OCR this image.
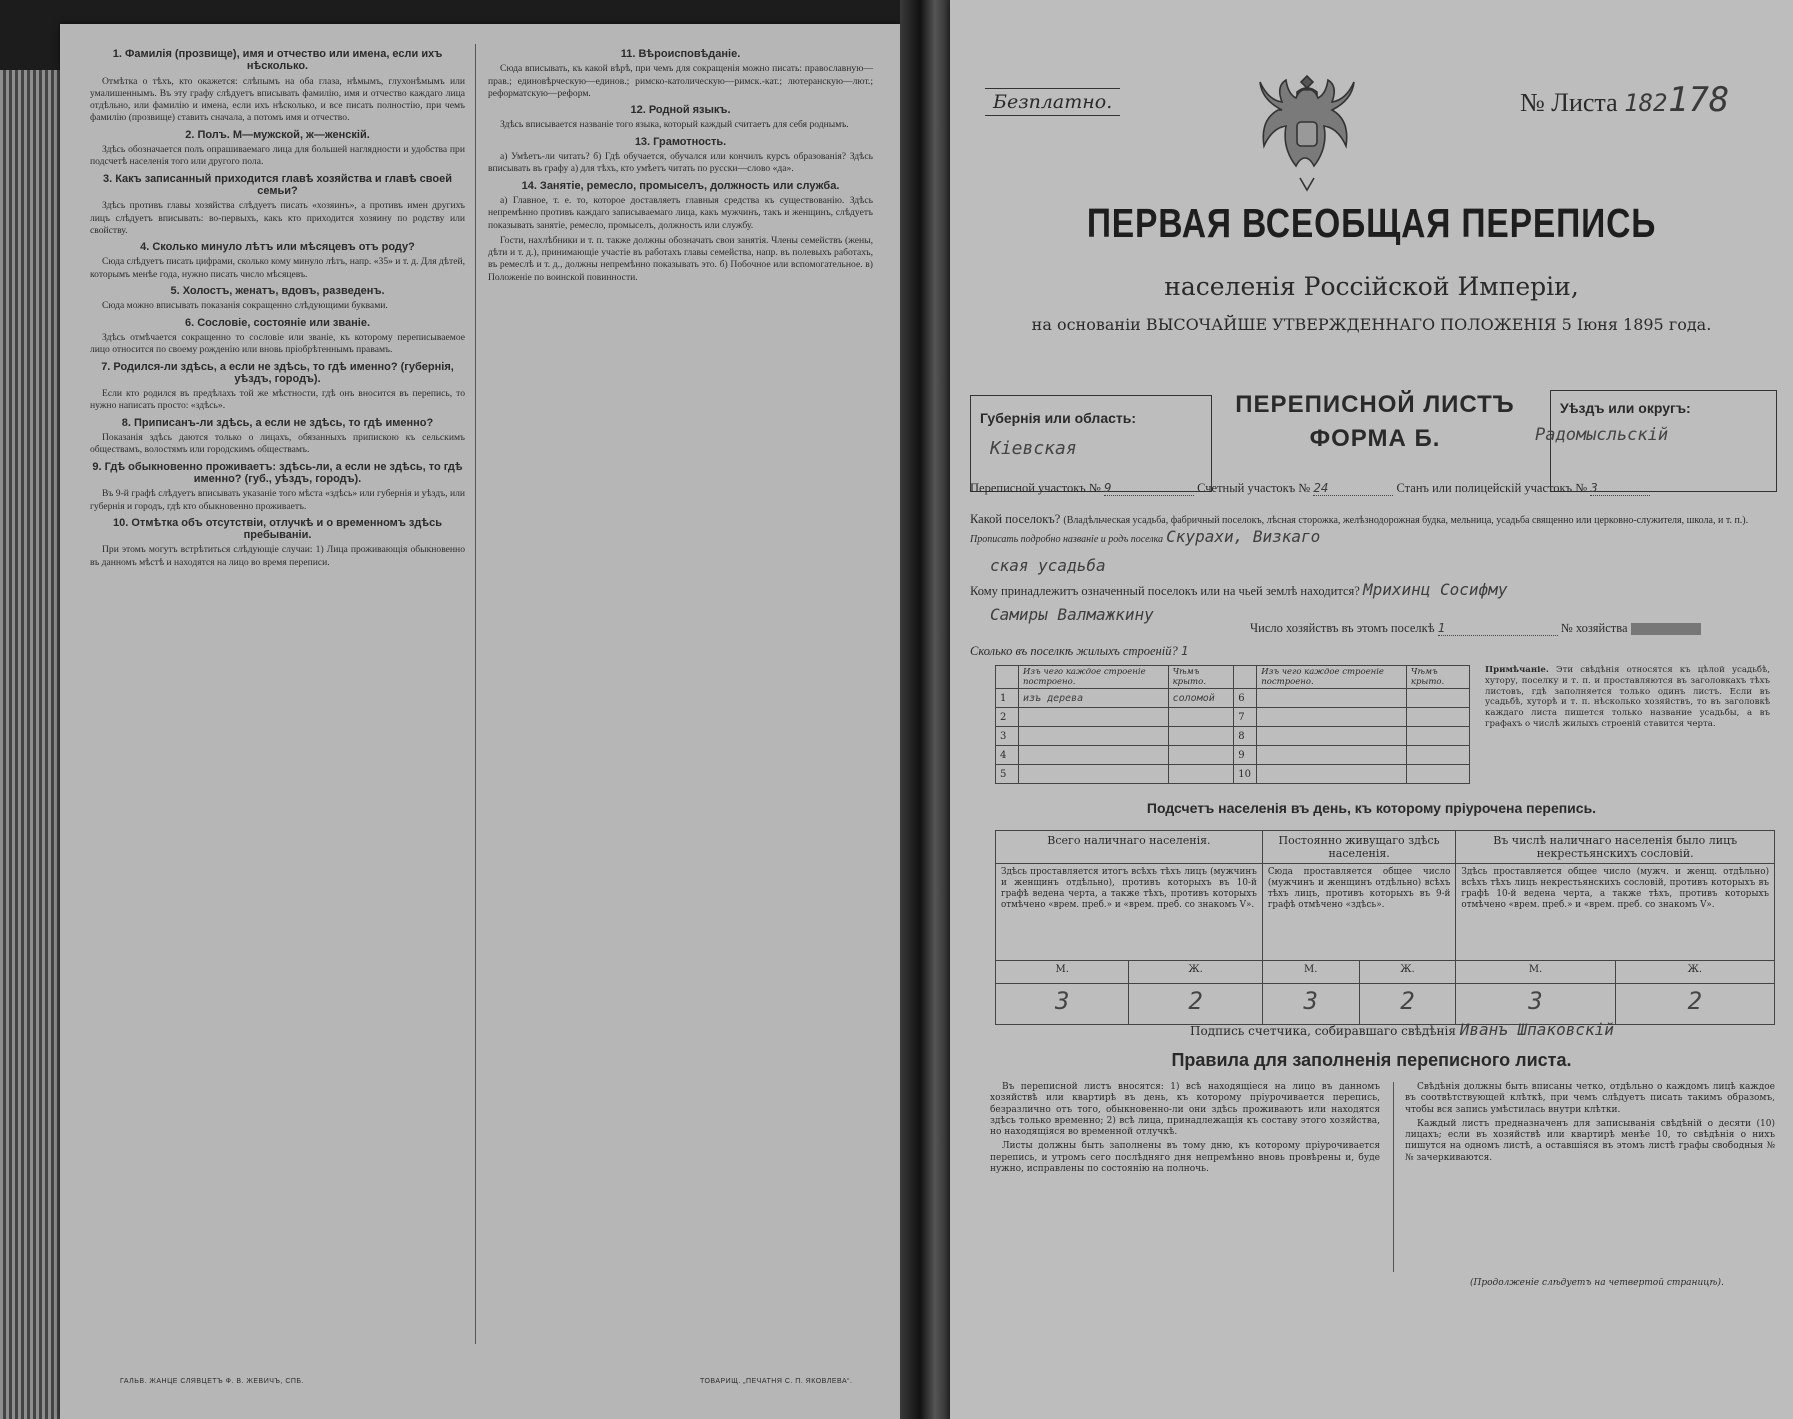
1. Фамилія (прозвище), имя и отчество или имена, если ихъ нѣсколько.

Отмѣтка о тѣхъ, кто окажется: слѣпымъ на оба глаза, нѣмымъ, глухонѣмымъ или умалишеннымъ. Въ эту графу слѣдуетъ вписывать фамилію, имя и отчество каждаго лица отдѣльно, или фамилію и имена, если ихъ нѣсколько, и все писать полностію, при чемъ фамилію (прозвище) ставить сначала, а потомъ имя и отчество.

2. Полъ. М—мужской, ж—женскій.

Здѣсь обозначается полъ опрашиваемаго лица для большей наглядности и удобства при подсчетѣ населенія того или другого пола.

3. Какъ записанный приходится главѣ хозяйства и главѣ своей семьи?

Здѣсь противъ главы хозяйства слѣдуетъ писать «хозяинъ», а противъ имен другихъ лицъ слѣдуетъ вписывать: во-первыхъ, какъ кто приходится хозяину по родству или свойству.

4. Сколько минуло лѣтъ или мѣсяцевъ отъ роду?

Сюда слѣдуетъ писать цифрами, сколько кому минуло лѣтъ, напр. «35» и т. д. Для дѣтей, которымъ менѣе года, нужно писать число мѣсяцевъ.

5. Холостъ, женатъ, вдовъ, разведенъ.

Сюда можно вписывать показанія сокращенно слѣдующими буквами.

6. Сословіе, состояніе или званіе.

Здѣсь отмѣчается сокращенно то сословіе или званіе, къ которому переписываемое лицо относится по своему рожденію или вновь пріобрѣтеннымъ правамъ.

7. Родился-ли здѣсь, а если не здѣсь, то гдѣ именно? (губернія, уѣздъ, городъ).

Если кто родился въ предѣлахъ той же мѣстности, гдѣ онъ вносится въ перепись, то нужно написать просто: «здѣсь».

8. Приписанъ-ли здѣсь, а если не здѣсь, то гдѣ именно?

Показанія здѣсь даются только о лицахъ, обязанныхъ припискою къ сельскимъ обществамъ, волостямъ или городскимъ обществамъ.

9. Гдѣ обыкновенно проживаетъ: здѣсь-ли, а если не здѣсь, то гдѣ именно? (губ., уѣздъ, городъ).

Въ 9-й графѣ слѣдуетъ вписывать указаніе того мѣста «здѣсь» или губернія и уѣздъ, или губернія и городъ, гдѣ кто обыкновенно проживаетъ.

10. Отмѣтка объ отсутствіи, отлучкѣ и о временномъ здѣсь пребываніи.

При этомъ могутъ встрѣтиться слѣдующіе случаи: 1) Лица проживающія обыкновенно въ данномъ мѣстѣ и находятся на лицо во время переписи.

11. Вѣроисповѣданіе.

Сюда вписывать, къ какой вѣрѣ, при чемъ для сокращенія можно писать: православную—прав.; единовѣрческую—единов.; римско-католическую—римск.-кат.; лютеранскую—лют.; реформатскую—реформ.

12. Родной языкъ.

Здѣсь вписывается названіе того языка, который каждый считаетъ для себя роднымъ.

13. Грамотность.

а) Умѣетъ-ли читать? б) Гдѣ обучается, обучался или кончилъ курсъ образованія? Здѣсь вписывать въ графу а) для тѣхъ, кто умѣетъ читать по русски—слово «да».

14. Занятіе, ремесло, промыселъ, должность или служба.

а) Главное, т. е. то, которое доставляетъ главныя средства къ существованію. Здѣсь непремѣнно противъ каждаго записываемаго лица, какъ мужчинъ, такъ и женщинъ, слѣдуетъ показывать занятіе, ремесло, промыселъ, должность или службу.

Гости, нахлѣбники и т. п. также должны обозначать свои занятія. Члены семействъ (жены, дѣти и т. д.), принимающіе участіе въ работахъ главы семейства, напр. въ полевыхъ работахъ, въ ремеслѣ и т. д., должны непремѣнно показывать это. б) Побочное или вспомогательное. в) Положеніе по воинской повинности.

ГАЛЬВ. ЖАНЦЕ СЛЯВЦЕТЪ Ф. В. ЖЕВИЧЪ, СПБ.	ТОВАРИЩ. „ПЕЧАТНЯ С. П. ЯКОВЛЕВА“.
Безплатно.	№ Листа 182 178
ПЕРВАЯ ВСЕОБЩАЯ ПЕРЕПИСЬ
населенія Россійской Имперіи,
на основаніи ВЫСОЧАЙШЕ УТВЕРЖДЕННАГО ПОЛОЖЕНІЯ 5 Іюня 1895 года.
Губернія или область:
Кіевская
ПЕРЕПИСНОЙ ЛИСТЪ
ФОРМА Б.
Уѣздъ или округъ:
Радомысльскій
Переписной участокъ № 9	Счетный участокъ № 24	Станъ или полицейскій участокъ № 3
Какой поселокъ? (Владѣльческая усадьба, фабричный поселокъ, лѣсная сторожка, желѣзнодорожная будка, мельница, усадьба священно или церковно-служителя, школа, и т. п.). Прописать подробно названіе и родъ поселка Скурахи, Визкаго
ская усадьба
Кому принадлежитъ означенный поселокъ или на чьей землѣ находится? Мрихинц Сосифму
Самиры Валмажкину
Число хозяйствъ въ этомъ поселкѣ 1	№ хозяйства
Сколько въ поселкѣ жилыхъ строеній? 1
	Изъ чего каждое строеніе построено.	Чѣмъ крыто.		Изъ чего каждое строеніе построено.	Чѣмъ крыто.
1	изъ дерева	соломой	6		
2			7		
3			8		
4			9		
5			10		
Примѣчаніе. Эти свѣдѣнія относятся къ цѣлой усадьбѣ, хутору, поселку и т. п. и проставляются въ заголовкахъ тѣхъ листовъ, гдѣ заполняется только одинъ листъ. Если въ усадьбѣ, хуторѣ и т. п. нѣсколько хозяйствъ, то въ заголовкѣ каждаго листа пишется только название усадьбы, а въ графахъ о числѣ жилыхъ строеній ставится черта.
Подсчетъ населенія въ день, къ которому пріурочена перепись.
Всего наличнаго населенія.		Постоянно живущаго здѣсь населенія.		Въ числѣ наличнаго населенія было лицъ некрестьянскихъ сословій.	
Здѣсь проставляется итогъ всѣхъ тѣхъ лицъ (мужчинъ и женщинъ отдѣльно), противъ которыхъ въ 10-й графѣ ведена черта, а также тѣхъ, противъ которыхъ отмѣчено «врем. преб.» и «врем. преб. со знакомъ V».		Сюда проставляется общее число (мужчинъ и женщинъ отдѣльно) всѣхъ тѣхъ лицъ, противъ которыхъ въ 9-й графѣ отмѣчено «здѣсь».		Здѣсь проставляется общее число (мужч. и женщ. отдѣльно) всѣхъ тѣхъ лицъ некрестьянскихъ сословій, противъ которыхъ въ графѣ 10-й ведена черта, а также тѣхъ, противъ которыхъ отмѣчено «врем. преб.» и «врем. преб. со знакомъ V».	
М.	Ж.	М.	Ж.	М.	Ж.
3	2	3	2	3	2
Подпись счетчика, собиравшаго свѣдѣнія Иванъ Шпаковскій
Правила для заполненія переписного листа.

Въ переписной листъ вносятся: 1) всѣ находящіеся на лицо въ данномъ хозяйствѣ или квартирѣ въ день, къ которому пріурочивается перепись, безразлично отъ того, обыкновенно-ли они здѣсь проживаютъ или находятся здѣсь только временно; 2) всѣ лица, принадлежащія къ составу этого хозяйства, но находящіяся во временной отлучкѣ.

Листы должны быть заполнены въ тому дню, къ которому пріурочивается перепись, и утромъ сего послѣдняго дня непремѣнно вновь провѣрены и, буде нужно, исправлены по состоянію на полночь.

Свѣдѣнія должны быть вписаны четко, отдѣльно о каждомъ лицѣ каждое въ соотвѣтствующей клѣткѣ, при чемъ слѣдуетъ писать такимъ образомъ, чтобы вся запись умѣстилась внутри клѣтки.

Каждый листъ предназначенъ для записыванія свѣдѣній о десяти (10) лицахъ; если въ хозяйствѣ или квартирѣ менѣе 10, то свѣдѣнія о нихъ пишутся на одномъ листѣ, а оставшіяся въ этомъ листѣ графы свободныя №№ зачеркиваются.

(Продолженіе слѣдуетъ на четвертой страницѣ).
